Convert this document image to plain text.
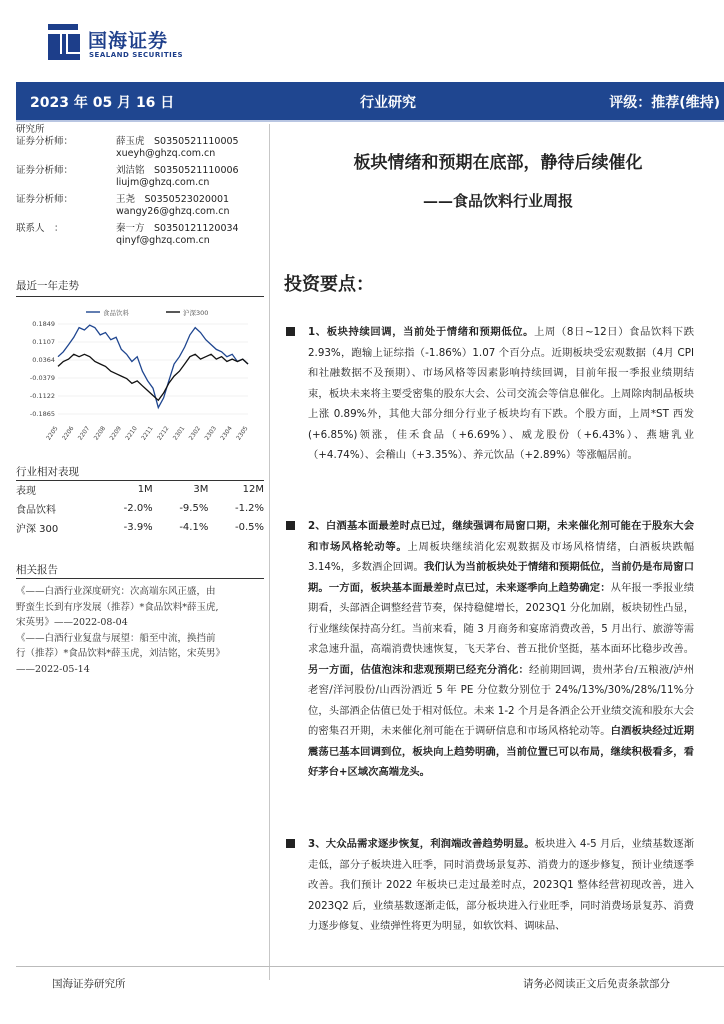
国海证券
SEALAND SECURITIES
2023 年 05 月 16 日	行业研究	评级：推荐(维持)
研究所
证券分析师：	薛玉虎　S0350521110005
xueyh@ghzq.com.cn
证券分析师：	刘洁铭　S0350521110006
liujm@ghzq.com.cn
证券分析师：	王尧　S0350523020001
wangy26@ghzq.com.cn
联系人　：	秦一方　S0350121120034
qinyf@ghzq.com.cn
最近一年走势
食品饮料	沪深300
0.1849
0.1107
0.0364
-0.0379
-0.1122
-0.1865
2205 2206 2207 2208 2209 2210 2211 2212 2301 2302 2303 2304 2305
行业相对表现
表现	1M	3M	12M
食品饮料	-2.0%	-9.5%	-1.2%
沪深 300	-3.9%	-4.1%	-0.5%
相关报告
《——白酒行业深度研究：次高端东风正盛，由
野蛮生长到有序发展（推荐）*食品饮料*薛玉虎,
宋英男》——2022-08-04
《——白酒行业复盘与展望：船至中流，换挡前
行（推荐）*食品饮料*薛玉虎，刘洁铭，宋英男》
——2022-05-14
板块情绪和预期在底部，静待后续催化
——食品饮料行业周报
投资要点：
1、板块持续回调，当前处于情绪和预期低位。上周（8日~12日）食品饮料下跌 2.93%，跑输上证综指（-1.86%）1.07 个百分点。近期板块受宏观数据（4月 CPI 和社融数据不及预期）、市场风格等因素影响持续回调，目前年报一季报业绩期结束，板块未来将主要受密集的股东大会、公司交流会等信息催化。上周除肉制品板块上涨 0.89%外，其他大部分细分行业子板块均有下跌。个股方面，上周*ST 西发(+6.85%)领涨，佳禾食品（+6.69%）、威龙股份（+6.43%）、燕塘乳业（+4.74%）、会稽山（+3.35%）、养元饮品（+2.89%）等涨幅居前。
2、白酒基本面最差时点已过，继续强调布局窗口期，未来催化剂可能在于股东大会和市场风格轮动等。上周板块继续消化宏观数据及市场风格情绪，白酒板块跌幅 3.14%，多数酒企回调。我们认为当前板块处于情绪和预期低位，当前仍是布局窗口期。一方面，板块基本面最差时点已过，未来逐季向上趋势确定：从年报一季报业绩期看，头部酒企调整经营节奏，保持稳健增长，2023Q1 分化加剧，板块韧性凸显，行业继续保持高分红。当前来看，随 3 月商务和宴席消费改善，5 月出行、旅游等需求急速升温，高端消费快速恢复，飞天茅台、普五批价坚挺，基本面环比稳步改善。另一方面，估值泡沫和悲观预期已经充分消化：经前期回调，贵州茅台/五粮液/泸州老窖/洋河股份/山西汾酒近 5 年 PE 分位数分别位于 24%/13%/30%/28%/11%分位，头部酒企估值已处于相对低位。未来 1-2 个月是各酒企公开业绩交流和股东大会的密集召开期，未来催化剂可能在于调研信息和市场风格轮动等。白酒板块经过近期震荡已基本回调到位，板块向上趋势明确，当前位置已可以布局，继续积极看多，看好茅台+区域次高端龙头。
3、大众品需求逐步恢复，利润端改善趋势明显。板块进入 4-5 月后，业绩基数逐渐走低，部分子板块进入旺季，同时消费场景复苏、消费力的逐步修复，预计业绩逐季改善。我们预计 2022 年板块已走过最差时点，2023Q1 整体经营初现改善，进入 2023Q2 后，业绩基数逐渐走低，部分板块进入行业旺季，同时消费场景复苏、消费力逐步修复、业绩弹性将更为明显，如软饮料、调味品、
国海证券研究所	请务必阅读正文后免责条款部分
